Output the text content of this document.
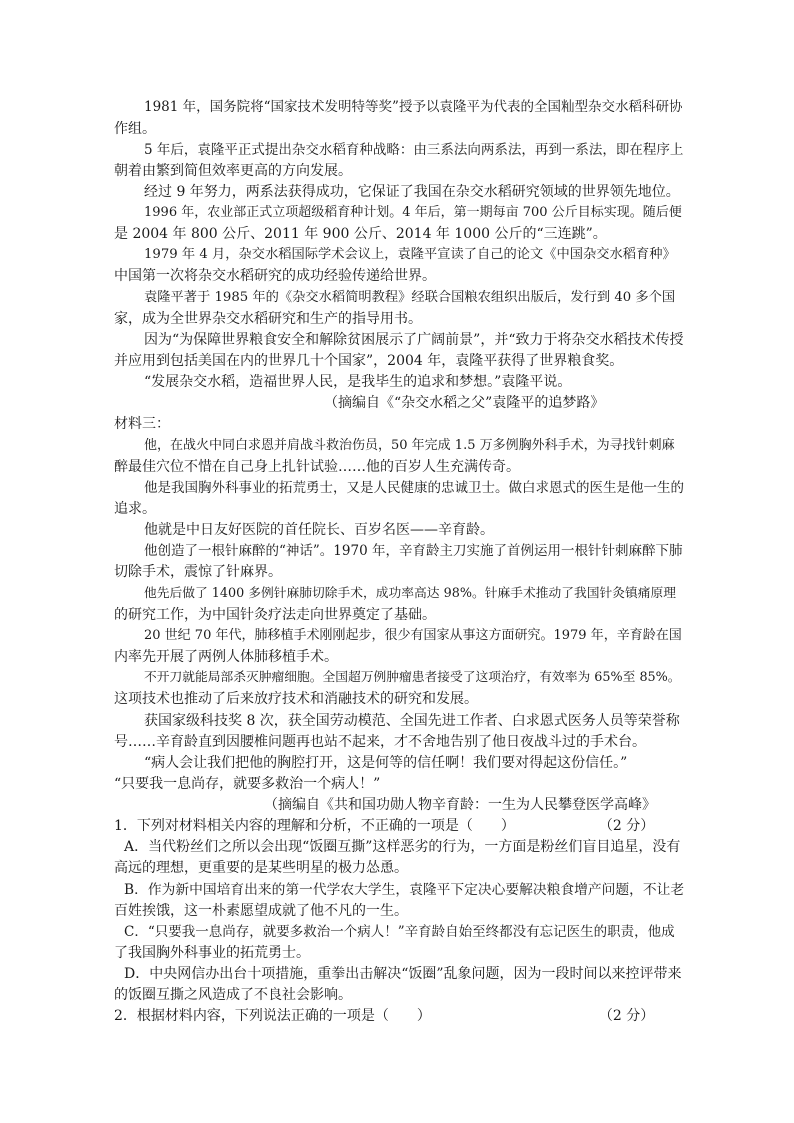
1981 年，国务院将“国家技术发明特等奖”授予以袁隆平为代表的全国籼型杂交水稻科研协
作组。
5 年后，袁隆平正式提出杂交水稻育种战略：由三系法向两系法，再到一系法，即在程序上
朝着由繁到简但效率更高的方向发展。
经过 9 年努力，两系法获得成功，它保证了我国在杂交水稻研究领域的世界领先地位。
1996 年，农业部正式立项超级稻育种计划。4 年后，第一期每亩 700 公斤目标实现。随后便
是 2004 年 800 公斤、2011 年 900 公斤、2014 年 1000 公斤的“三连跳”。
1979 年 4 月，杂交水稻国际学术会议上，袁隆平宣读了自己的论文《中国杂交水稻育种》
中国第一次将杂交水稻研究的成功经验传递给世界。
袁隆平著于 1985 年的《杂交水稻简明教程》经联合国粮农组织出版后，发行到 40 多个国
家，成为全世界杂交水稻研究和生产的指导用书。
因为“为保障世界粮食安全和解除贫困展示了广阔前景”，并“致力于将杂交水稻技术传授
并应用到包括美国在内的世界几十个国家”，2004 年，袁隆平获得了世界粮食奖。
“发展杂交水稻，造福世界人民，是我毕生的追求和梦想。”袁隆平说。
（摘编自《“杂交水稻之父”袁隆平的追梦路》
材料三：
他，在战火中同白求恩并肩战斗救治伤员，50 年完成 1.5 万多例胸外科手术，为寻找针刺麻
醉最佳穴位不惜在自己身上扎针试验……他的百岁人生充满传奇。
他是我国胸外科事业的拓荒勇士，又是人民健康的忠诚卫士。做白求恩式的医生是他一生的
追求。
他就是中日友好医院的首任院长、百岁名医——辛育龄。
他创造了一根针麻醉的“神话”。1970 年，辛育龄主刀实施了首例运用一根针针刺麻醉下肺
切除手术，震惊了针麻界。
他先后做了 1400 多例针麻肺切除手术，成功率高达 98%。针麻手术推动了我国针灸镇痛原理
的研究工作，为中国针灸疗法走向世界奠定了基础。
20 世纪 70 年代，肺移植手术刚刚起步，很少有国家从事这方面研究。1979 年，辛育龄在国
内率先开展了两例人体肺移植手术。
不开刀就能局部杀灭肿瘤细胞。全国超万例肿瘤患者接受了这项治疗，有效率为 65%至 85%。
这项技术也推动了后来放疗技术和消融技术的研究和发展。
获国家级科技奖 8 次，获全国劳动模范、全国先进工作者、白求恩式医务人员等荣誉称
号……辛育龄直到因腰椎问题再也站不起来，才不舍地告别了他日夜战斗过的手术台。
“病人会让我们把他的胸腔打开，这是何等的信任啊！我们要对得起这份信任。”
“只要我一息尚存，就要多救治一个病人！”
（摘编自《共和国功勋人物辛育龄：一生为人民攀登医学高峰》
1．下列对材料相关内容的理解和分析，不正确的一项是（　　）　　　　　　　（2 分）
A．当代粉丝们之所以会出现“饭圈互撕”这样恶劣的行为，一方面是粉丝们盲目追星，没有
高远的理想，更重要的是某些明星的极力怂恿。
B．作为新中国培育出来的第一代学农大学生，袁隆平下定决心要解决粮食增产问题，不让老
百姓挨饿，这一朴素愿望成就了他不凡的一生。
C．“只要我一息尚存，就要多救治一个病人！”辛育龄自始至终都没有忘记医生的职责，他成
了我国胸外科事业的拓荒勇士。
D．中央网信办出台十项措施，重拳出击解决“饭圈”乱象问题，因为一段时间以来控评带来
的饭圈互撕之风造成了不良社会影响。
2．根据材料内容，下列说法正确的一项是（　　）　　　　　　　　　　　　　（2 分）
